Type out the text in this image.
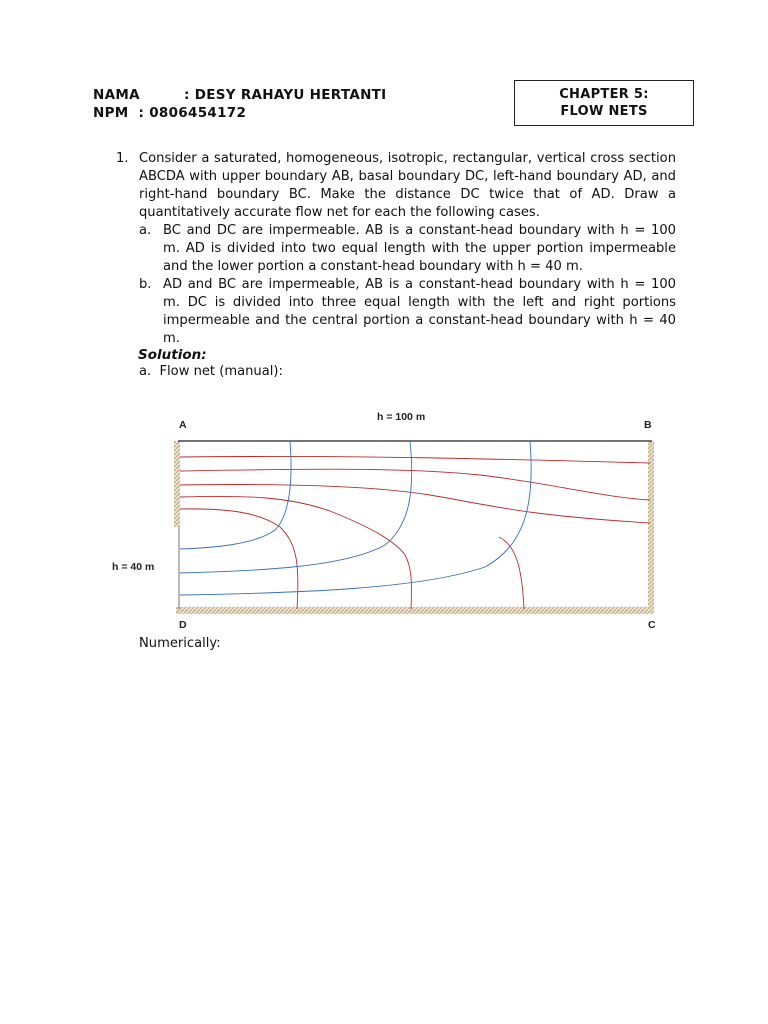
NAMA	: DESY RAHAYU HERTANTI
NPM : 0806454172
CHAPTER 5:
FLOW NETS
1. Consider a saturated, homogeneous, isotropic, rectangular, vertical cross section ABCDA with upper boundary AB, basal boundary DC, left-hand boundary AD, and right-hand boundary BC. Make the distance DC twice that of AD. Draw a quantitatively accurate flow net for each the following cases.
a. BC and DC are impermeable. AB is a constant-head boundary with h = 100 m. AD is divided into two equal length with the upper portion impermeable and the lower portion a constant-head boundary with h = 40 m.
b. AD and BC are impermeable, AB is a constant-head boundary with h = 100 m. DC is divided into three equal length with the left and right portions impermeable and the central portion a constant-head boundary with h = 40 m.
Solution:
a. Flow net (manual):
h = 100 m
h = 40 m
A	B
C
D
Numerically:
